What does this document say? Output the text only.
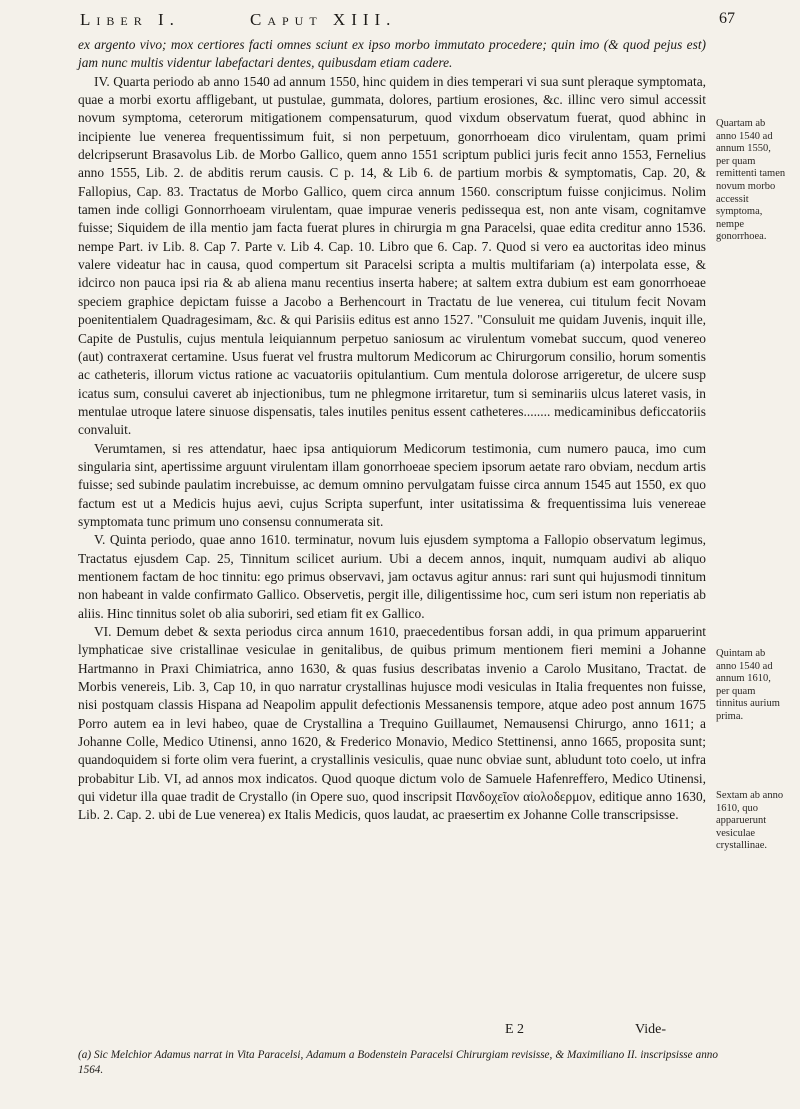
Liber I.	Caput XIII.	67

ex argento vivo; mox certiores facti omnes sciunt ex ipso morbo immutato procedere; quin imo (& quod pejus est) jam nunc multis videntur labefactari dentes, quibusdam etiam cadere.

IV. Quarta periodo ab anno 1540 ad annum 1550, hinc quidem in dies temperari vi sua sunt pleraque symptomata, quae a morbi exortu affligebant, ut pustulae, gummata, dolores, partium erosiones, &c. illinc vero simul accessit novum symptoma, ceterorum mitigationem compensaturum, quod vixdum observatum fuerat, quod abhinc in incipiente lue venerea frequentissimum fuit, si non perpetuum, gonorrhoeam dico virulentam, quam primi delcripserunt Brasavolus Lib. de Morbo Gallico, quem anno 1551 scriptum publici juris fecit anno 1553, Fernelius anno 1555, Lib. 2. de abditis rerum causis. C p. 14, & Lib 6. de partium morbis & symptomatis, Cap. 20, & Fallopius, Cap. 83. Tractatus de Morbo Gallico, quem circa annum 1560. conscriptum fuisse conjicimus. Nolim tamen inde colligi Gonnorrhoeam virulentam, quae impurae veneris pedissequa est, non ante visam, cognitamve fuisse; Siquidem de illa mentio jam facta fuerat plures in chirurgia m gna Paracelsi, quae edita creditur anno 1536. nempe Part. iv Lib. 8. Cap 7. Parte v. Lib 4. Cap. 10. Libro que 6. Cap. 7. Quod si vero ea auctoritas ideo minus valere videatur hac in causa, quod compertum sit Paracelsi scripta a multis multifariam (a) interpolata esse, & idcirco non pauca ipsi ria & ab aliena manu recentius inserta habere; at saltem extra dubium est eam gonorrhoeae speciem graphice depictam fuisse a Jacobo a Berhencourt in Tractatu de lue venerea, cui titulum fecit Novam poenitentialem Quadragesimam, &c. & qui Parisiis editus est anno 1527. "Consuluit me quidam Juvenis, inquit ille, Capite de Pustulis, cujus mentula leiquiannum perpetuo saniosum ac virulentum vomebat succum, quod venereo (aut) contraxerat certamine. Usus fuerat vel frustra multorum Medicorum ac Chirurgorum consilio, horum somentis ac catheteris, illorum victus ratione ac vacuatoriis opitulantium. Cum mentula dolorose arrigeretur, de ulcere susp icatus sum, consului caveret ab injectionibus, tum ne phlegmone irritaretur, tum si seminariis ulcus lateret vasis, in mentulae utroque latere sinuose dispensatis, tales inutiles penitus essent catheteres........ medicaminibus deficcatoriis convaluit.

Verumtamen, si res attendatur, haec ipsa antiquiorum Medicorum testimonia, cum numero paucа, imo cum singularia sint, apertissime arguunt virulentam illam gonorrhoeae speciem ipsorum aetate raro obviam, necdum artis fuisse; sed subinde paulatim increbuisse, ac demum omnino pervulgatam fuisse circa annum 1545 aut 1550, ex quo factum est ut a Medicis hujus aevi, cujus Scripta superfunt, inter usitatissima & frequentissima luis venereae symptomata tunc primum uno consensu connumerata sit.

V. Quinta periodo, quae anno 1610. terminatur, novum luis ejusdem symptoma a Fallopio observatum legimus, Tractatus ejusdem Cap. 25, Tinnitum scilicet aurium. Ubi a decem annos, inquit, numquam audivi ab aliquo mentionem factam de hoc tinnitu: ego primus observavi, jam octavus agitur annus: rari sunt qui hujusmodi tinnitum non habeant in valde confirmato Gallico. Observetis, pergit ille, diligentissime hoc, cum seri istum non reperiatis ab aliis. Hinc tinnitus solet ob alia suboriri, sed etiam fit ex Gallico.

VI. Demum debet & sexta periodus circa annum 1610, praecedentibus forsan addi, in qua primum apparuerint lymphaticae sive cristallinae vesiculae in genitalibus, de quibus primum mentionem fieri memini a Johanne Hartmanno in Praxi Chimiatrica, anno 1630, & quas fusius describatas invenio a Carolo Musitano, Tractat. de Morbis venereis, Lib. 3, Cap 10, in quo narratur crystallinas hujusce modi vesiculas in Italia frequentes non fuisse, nisi postquam classis Hispana ad Neapolim appulit defectionis Messanensis tempore, atque adeo post annum 1675 Porro autem ea in levi habeo, quae de Crystallina a Trequino Guillaumet, Nemausensi Chirurgo, anno 1611; a Johanne Colle, Medico Utinensi, anno 1620, & Frederico Monavio, Medico Stettinensi, anno 1665, proposita sunt; quandoquidem si forte olim vera fuerint, a crystallinis vesiculis, quae nunc obviae sunt, abludunt toto coelo, ut infra probabitur Lib. VI, ad annos mox indicatos. Quod quoque dictum volo de Samuele Hafenreffero, Medico Utinensi, qui videtur illa quae tradit de Crystallo (in Opere suo, quod inscripsit Πανδοχεῖον αἰολοδερμον, editique anno 1630, Lib. 2. Cap. 2. ubi de Lue venerea) ex Italis Medicis, quos laudat, ac praesertim ex Johanne Colle transcripsisse.

Quartam ab anno 1540 ad annum 1550, per quam remittenti tamen novum morbo accessit symptoma, nempe gonorrhoea.
Quintam ab anno 1540 ad annum 1610, per quam tinnitus aurium prima.
Sextam ab anno 1610, quo apparuerunt vesiculae crystallinae.
E 2	Vide-
(a) Sic Melchior Adamus narrat in Vita Paracelsi, Adamum a Bodenstein Paracelsi Chirurgiam revisisse, & Maximiliano II. inscripsisse anno 1564.
